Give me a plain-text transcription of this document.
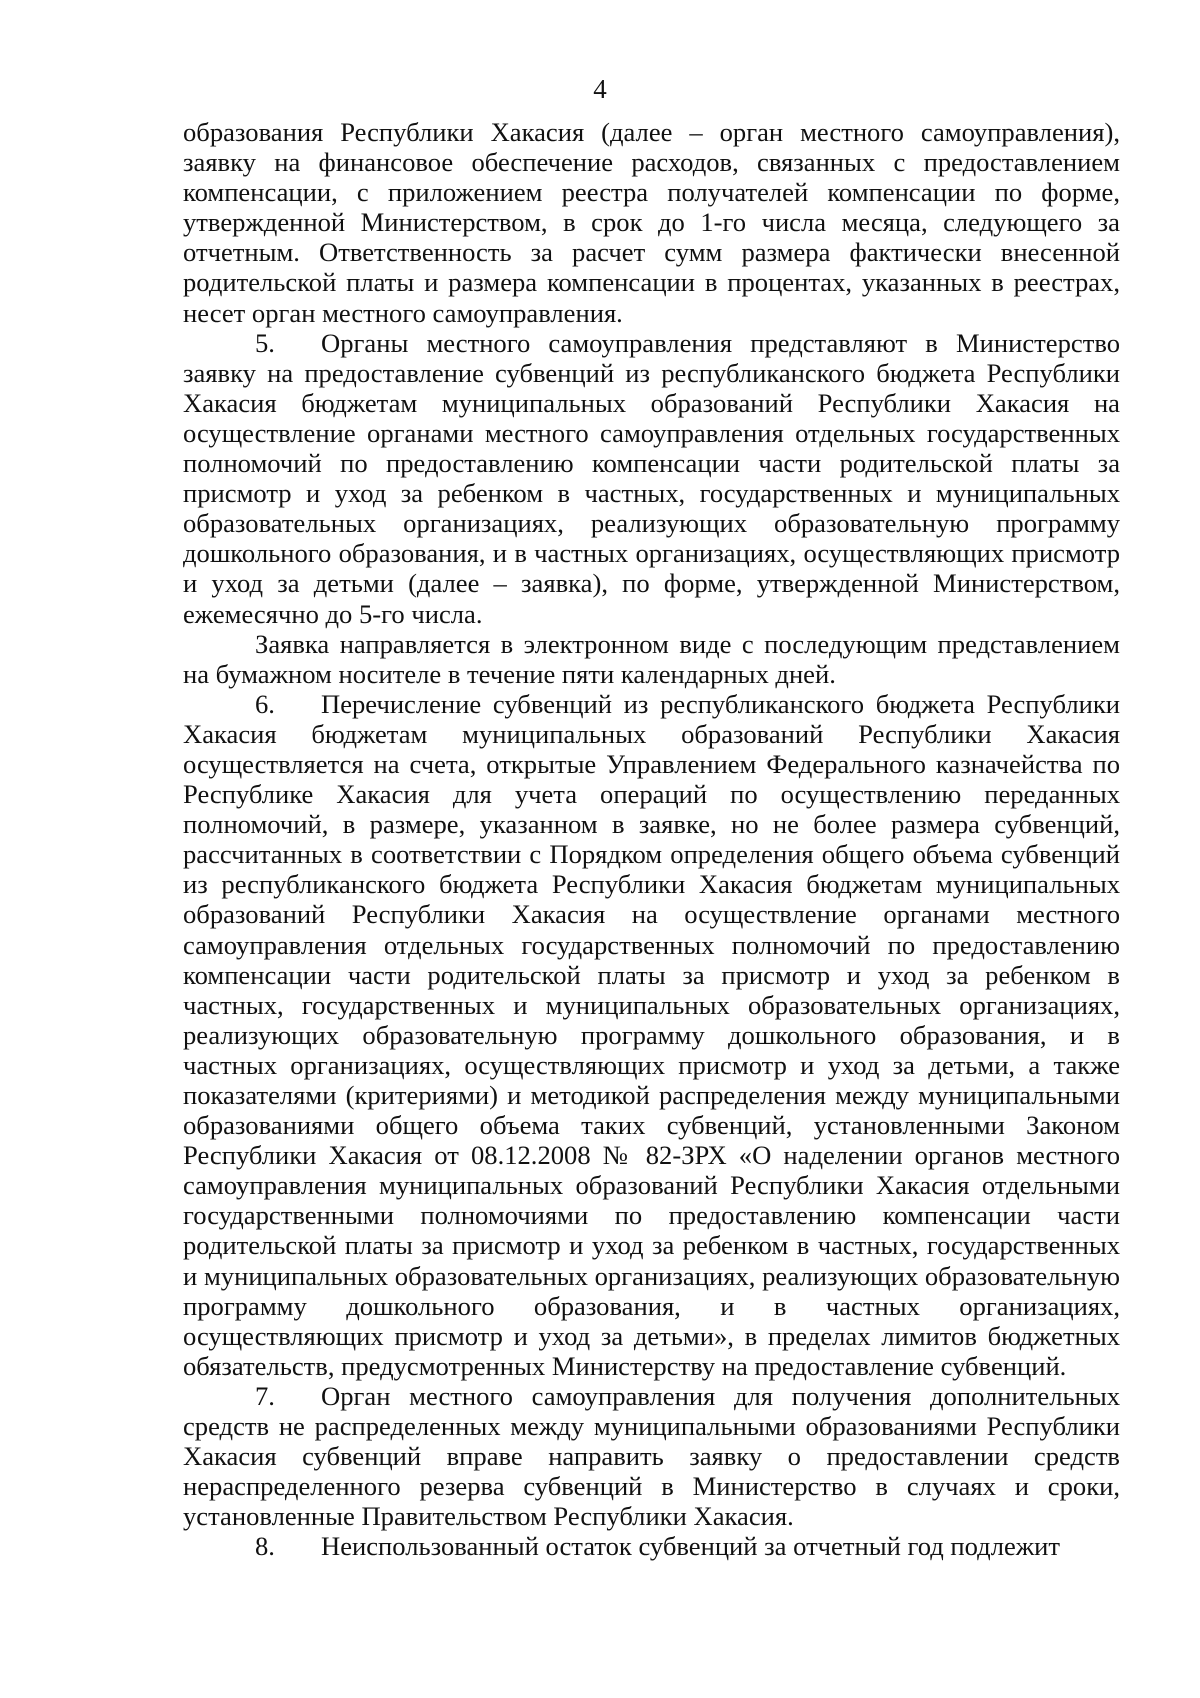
4

образования Республики Хакасия (далее – орган местного самоуправления), заявку на финансовое обеспечение расходов, связанных с предоставлением компенсации, с приложением реестра получателей компенсации по форме, утвержденной Министерством, в срок до 1-го числа месяца, следующего за отчетным. Ответственность за расчет сумм размера фактически внесенной родительской платы и размера компенсации в процентах, указанных в реестрах, несет орган местного самоуправления.

5. Органы местного самоуправления представляют в Министерство заявку на предоставление субвенций из республиканского бюджета Республики Хакасия бюджетам муниципальных образований Республики Хакасия на осуществление органами местного самоуправления отдельных государственных полномочий по предоставлению компенсации части родительской платы за присмотр и уход за ребенком в частных, государственных и муниципальных образовательных организациях, реализующих образовательную программу дошкольного образования, и в частных организациях, осуществляющих присмотр и уход за детьми (далее – заявка), по форме, утвержденной Министерством, ежемесячно до 5-го числа.

Заявка направляется в электронном виде с последующим представлением на бумажном носителе в течение пяти календарных дней.

6. Перечисление субвенций из республиканского бюджета Республики Хакасия бюджетам муниципальных образований Республики Хакасия осуществляется на счета, открытые Управлением Федерального казначейства по Республике Хакасия для учета операций по осуществлению переданных полномочий, в размере, указанном в заявке, но не более размера субвенций, рассчитанных в соответствии с Порядком определения общего объема субвенций из республиканского бюджета Республики Хакасия бюджетам муниципальных образований Республики Хакасия на осуществление органами местного самоуправления отдельных государственных полномочий по предоставлению компенсации части родительской платы за присмотр и уход за ребенком в частных, государственных и муниципальных образовательных организациях, реализующих образовательную программу дошкольного образования, и в частных организациях, осуществляющих присмотр и уход за детьми, а также показателями (критериями) и методикой распределения между муниципальными образованиями общего объема таких субвенций, установленными Законом Республики Хакасия от 08.12.2008 № 82-ЗРХ «О наделении органов местного самоуправления муниципальных образований Республики Хакасия отдельными государственными полномочиями по предоставлению компенсации части родительской платы за присмотр и уход за ребенком в частных, государственных и муниципальных образовательных организациях, реализующих образовательную программу дошкольного образования, и в частных организациях, осуществляющих присмотр и уход за детьми», в пределах лимитов бюджетных обязательств, предусмотренных Министерству на предоставление субвенций.

7. Орган местного самоуправления для получения дополнительных средств не распределенных между муниципальными образованиями Республики Хакасия субвенций вправе направить заявку о предоставлении средств нераспределенного резерва субвенций в Министерство в случаях и сроки, установленные Правительством Республики Хакасия.

8. Неиспользованный остаток субвенций за отчетный год подлежит
